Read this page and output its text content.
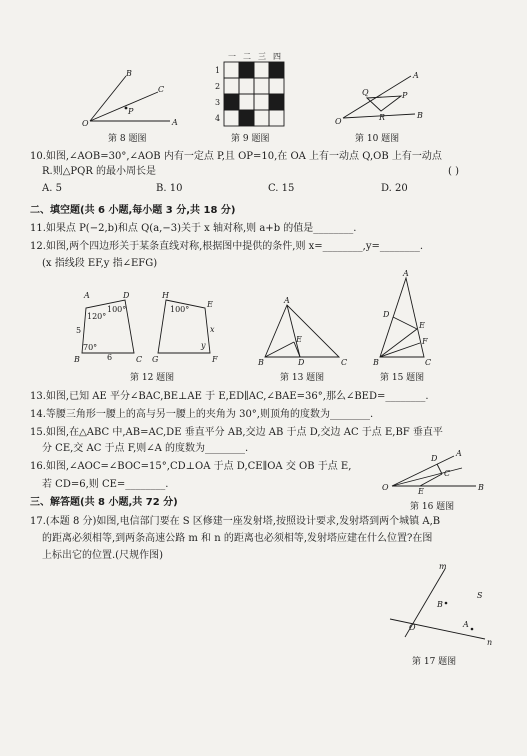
B
C
P
O	A
第 8 题图
一 二 三 四
1
2
3
4
第 9 题图
A
Q	P
O	R	B
第 10 题图
10.如图,∠AOB=30°,∠AOB 内有一定点 P,且 OP=10,在 OA 上有一动点 Q,OB 上有一动点
R.则△PQR 的最小周长是	( )
A. 5	B. 10	C. 15	D. 20
二、填空题(共 6 小题,每小题 3 分,共 18 分)
11.如果点 P(−2,b)和点 Q(a,−3)关于 x 轴对称,则 a+b 的值是________.
12.如图,两个四边形关于某条直线对称,根据图中提供的条件,则 x=________,y=________.
(x 指线段 EF,y 指∠EFG)
D
100°
120°
5
70°
6
A
B	C
H
100°
E
x
y
G	F
第 12 题图
A
E
B	D	C
第 13 题图
A
D
E
F
B	C
第 15 题图
13.如图,已知 AE 平分∠BAC,BE⊥AE 于 E,ED∥AC,∠BAE=36°,那么∠BED=________.
14.等腰三角形一腰上的高与另一腰上的夹角为 30°,则顶角的度数为________.
15.如图,在△ABC 中,AB=AC,DE 垂直平分 AB,交边 AB 于点 D,交边 AC 于点 E,BF 垂直平
分 CE,交 AC 于点 F,则∠A 的度数为________.
16.如图,∠AOC=∠BOC=15°,CD⊥OA 于点 D,CE∥OA 交 OB 于点 E,
若 CD=6,则 CE=________.
A
D
C
O	E	B
第 16 题图
三、解答题(共 8 小题,共 72 分)
17.(本题 8 分)如图,电信部门要在 S 区修建一座发射塔,按照设计要求,发射塔到两个城镇 A,B
的距离必须相等,到两条高速公路 m 和 n 的距离也必须相等,发射塔应建在什么位置?在图
上标出它的位置.(尺规作图)
m
S
B
O	A
n
第 17 题图
